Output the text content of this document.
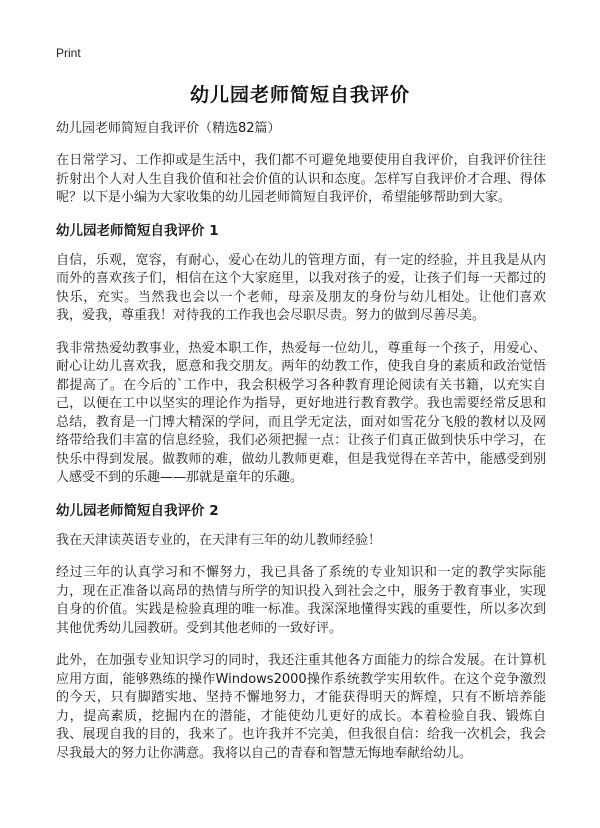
Print
幼儿园老师简短自我评价
幼儿园老师简短自我评价（精选82篇）

在日常学习、工作抑或是生活中，我们都不可避免地要使用自我评价，自我评价往往折射出个人对人生自我价值和社会价值的认识和态度。怎样写自我评价才合理、得体呢？以下是小编为大家收集的幼儿园老师简短自我评价，希望能够帮助到大家。

幼儿园老师简短自我评价 1

自信，乐观，宽容，有耐心，爱心在幼儿的管理方面，有一定的经验，并且我是从内而外的喜欢孩子们，相信在这个大家庭里，以我对孩子的爱，让孩子们每一天都过的快乐，充实。当然我也会以一个老师，母亲及朋友的身份与幼儿相处。让他们喜欢我，爱我，尊重我！对待我的工作我也会尽职尽责。努力的做到尽善尽美。

我非常热爱幼教事业，热爱本职工作，热爱每一位幼儿，尊重每一个孩子，用爱心、耐心让幼儿喜欢我，愿意和我交朋友。两年的幼教工作，使我自身的素质和政治觉悟都提高了。在今后的`工作中，我会积极学习各种教育理论阅读有关书籍，以充实自己，以便在工中以坚实的理论作为指导，更好地进行教育教学。我也需要经常反思和总结，教育是一门博大精深的学问，而且学无定法，面对如雪花分飞般的教材以及网络带给我们丰富的信息经验，我们必须把握一点：让孩子们真正做到快乐中学习，在快乐中得到发展。做教师的难，做幼儿教师更难，但是我觉得在辛苦中，能感受到别人感受不到的乐趣——那就是童年的乐趣。

幼儿园老师简短自我评价 2

我在天津读英语专业的，在天津有三年的幼儿教师经验！

经过三年的认真学习和不懈努力，我已具备了系统的专业知识和一定的教学实际能力，现在正准备以高昂的热情与所学的知识投入到社会之中，服务于教育事业，实现自身的价值。实践是检验真理的唯一标准。我深深地懂得实践的重要性，所以多次到其他优秀幼儿园教研。受到其他老师的一致好评。

此外，在加强专业知识学习的同时，我还注重其他各方面能力的综合发展。在计算机应用方面，能够熟练的操作Windows2000操作系统教学实用软件。在这个竞争激烈的今天，只有脚踏实地、坚持不懈地努力，才能获得明天的辉煌，只有不断培养能力，提高素质，挖掘内在的潜能，才能使幼儿更好的成长。本着检验自我、锻炼自我、展现自我的目的，我来了。也许我并不完美，但我很自信：给我一次机会，我会尽我最大的努力让你满意。我将以自己的青春和智慧无悔地奉献给幼儿。
